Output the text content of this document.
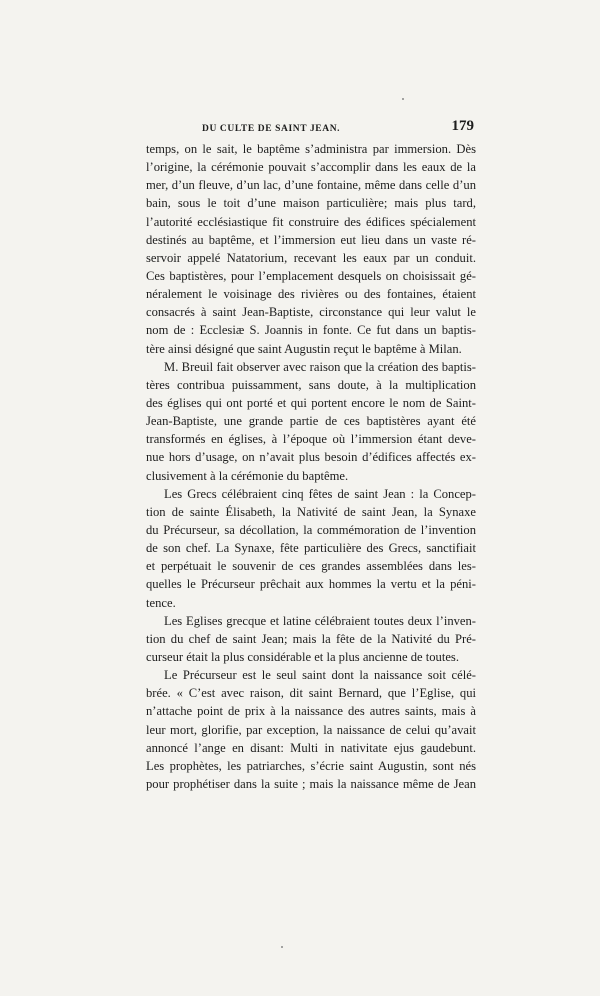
DU CULTE DE SAINT JEAN.	179
temps, on le sait, le baptême s’administra par immersion. Dès
l’origine, la cérémonie pouvait s’accomplir dans les eaux de la
mer, d’un fleuve, d’un lac, d’une fontaine, même dans celle d’un
bain, sous le toit d’une maison particulière; mais plus tard,
l’autorité ecclésiastique fit construire des édifices spécialement
destinés au baptême, et l’immersion eut lieu dans un vaste ré-
servoir appelé Natatorium, recevant les eaux par un conduit.
Ces baptistères, pour l’emplacement desquels on choisissait gé-
néralement le voisinage des rivières ou des fontaines, étaient
consacrés à saint Jean-Baptiste, circonstance qui leur valut le
nom de : Ecclesiæ S. Joannis in fonte. Ce fut dans un baptis-
tère ainsi désigné que saint Augustin reçut le baptême à Milan.
M. Breuil fait observer avec raison que la création des baptis-
tères contribua puissamment, sans doute, à la multiplication
des églises qui ont porté et qui portent encore le nom de Saint-
Jean-Baptiste, une grande partie de ces baptistères ayant été
transformés en églises, à l’époque où l’immersion étant deve-
nue hors d’usage, on n’avait plus besoin d’édifices affectés ex-
clusivement à la cérémonie du baptême.
Les Grecs célébraient cinq fêtes de saint Jean : la Concep-
tion de sainte Élisabeth, la Nativité de saint Jean, la Synaxe
du Précurseur, sa décollation, la commémoration de l’invention
de son chef. La Synaxe, fête particulière des Grecs, sanctifiait
et perpétuait le souvenir de ces grandes assemblées dans les-
quelles le Précurseur prêchait aux hommes la vertu et la péni-
tence.
Les Eglises grecque et latine célébraient toutes deux l’inven-
tion du chef de saint Jean; mais la fête de la Nativité du Pré-
curseur était la plus considérable et la plus ancienne de toutes.
Le Précurseur est le seul saint dont la naissance soit célé-
brée. « C’est avec raison, dit saint Bernard, que l’Eglise, qui
n’attache point de prix à la naissance des autres saints, mais à
leur mort, glorifie, par exception, la naissance de celui qu’avait
annoncé l’ange en disant: Multi in nativitate ejus gaudebunt.
Les prophètes, les patriarches, s’écrie saint Augustin, sont nés
pour prophétiser dans la suite ; mais la naissance même de Jean
